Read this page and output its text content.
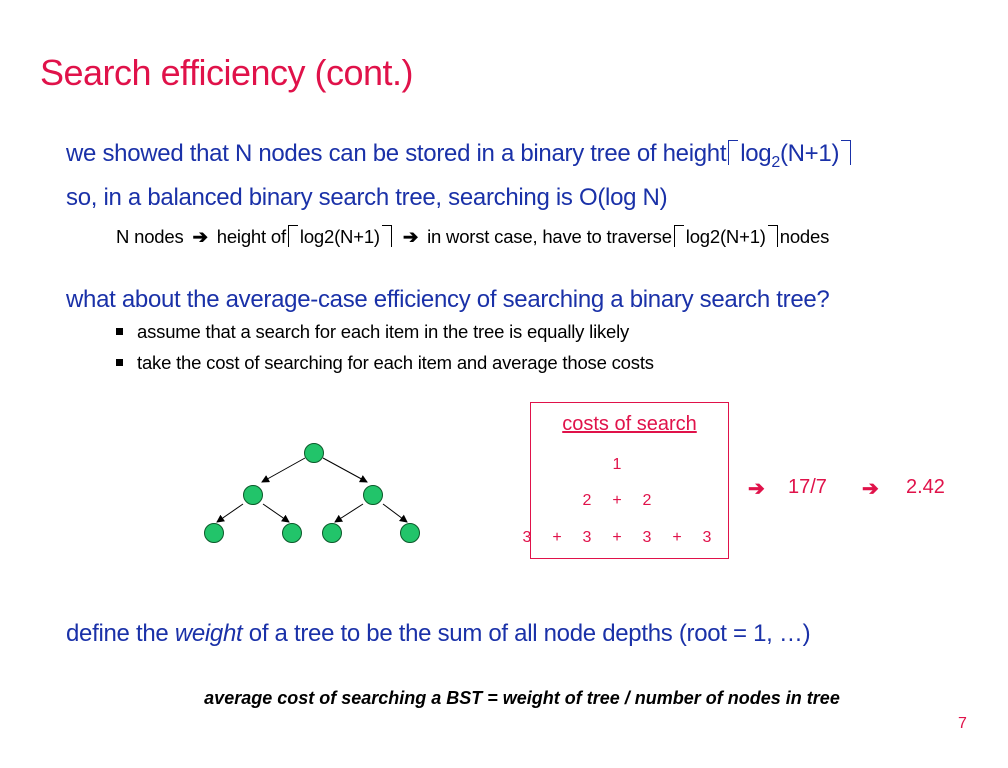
Search efficiency (cont.)
we showed that N nodes can be stored in a binary tree of height $\log_2(N+1)$
so, in a balanced binary search tree, searching is O(log N)
N nodes ➔ height of log2(N+1) ➔ in worst case, have to traverse log2(N+1) nodes
what about the average-case efficiency of searching a binary search tree?
assume that a search for each item in the tree is equally likely
take the cost of searching for each item and average those costs
costs of search
1
2 + 2
3 + 3 + 3 + 3
➔ 17/7 ➔ 2.42
define the weight of a tree to be the sum of all node depths (root = 1, …)
average cost of searching a BST = weight of tree / number of nodes in tree
7
